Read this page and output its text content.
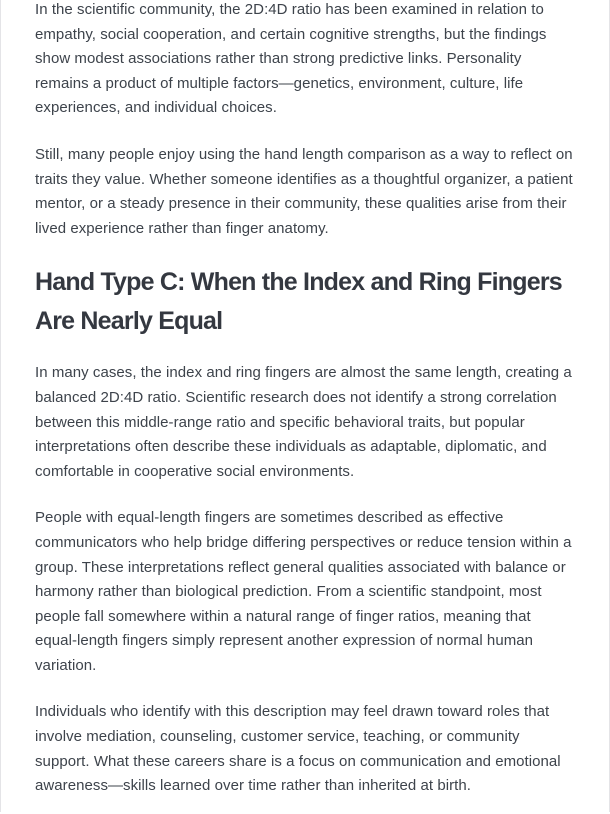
In the scientific community, the 2D:4D ratio has been examined in relation to empathy, social cooperation, and certain cognitive strengths, but the findings show modest associations rather than strong predictive links. Personality remains a product of multiple factors—genetics, environment, culture, life experiences, and individual choices.

Still, many people enjoy using the hand length comparison as a way to reflect on traits they value. Whether someone identifies as a thoughtful organizer, a patient mentor, or a steady presence in their community, these qualities arise from their lived experience rather than finger anatomy.

Hand Type C: When the Index and Ring Fingers Are Nearly Equal

In many cases, the index and ring fingers are almost the same length, creating a balanced 2D:4D ratio. Scientific research does not identify a strong correlation between this middle-range ratio and specific behavioral traits, but popular interpretations often describe these individuals as adaptable, diplomatic, and comfortable in cooperative social environments.

People with equal-length fingers are sometimes described as effective communicators who help bridge differing perspectives or reduce tension within a group. These interpretations reflect general qualities associated with balance or harmony rather than biological prediction. From a scientific standpoint, most people fall somewhere within a natural range of finger ratios, meaning that equal-length fingers simply represent another expression of normal human variation.

Individuals who identify with this description may feel drawn toward roles that involve mediation, counseling, customer service, teaching, or community support. What these careers share is a focus on communication and emotional awareness—skills learned over time rather than inherited at birth.
